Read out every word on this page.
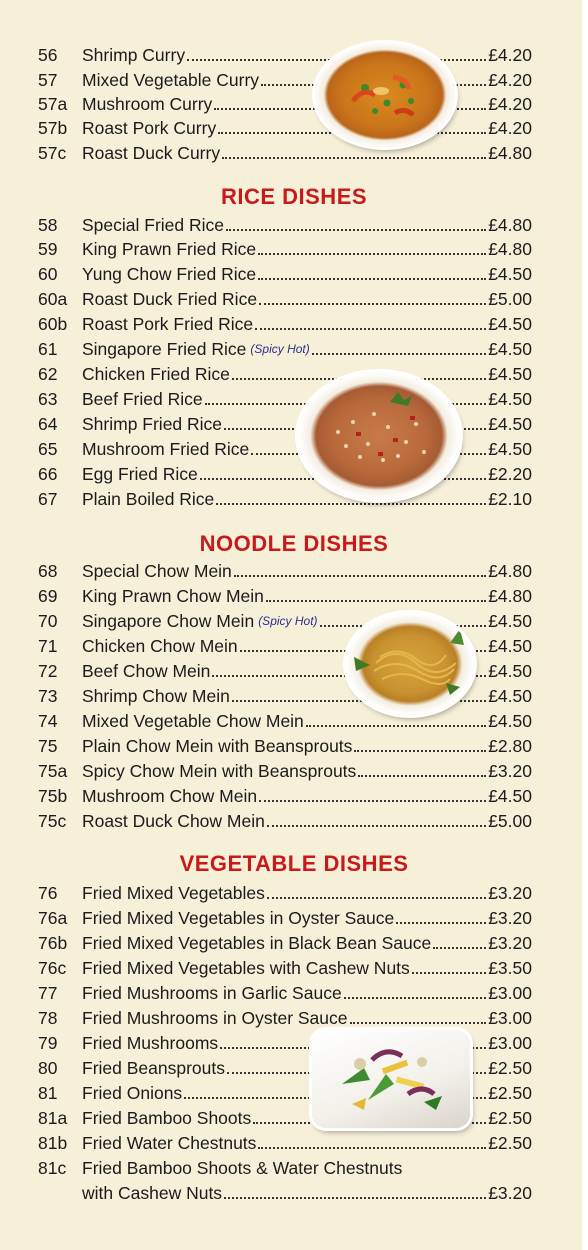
56	Shrimp Curry	£4.20
57	Mixed Vegetable Curry	£4.20
57a Mushroom Curry	£4.20
57b Roast Pork Curry	£4.20
57c Roast Duck Curry	£4.80
RICE DISHES
58	Special Fried Rice	£4.80
59	King Prawn Fried Rice	£4.80
60	Yung Chow Fried Rice	£4.50
60a Roast Duck Fried Rice	£5.00
60b Roast Pork Fried Rice	£4.50
61	Singapore Fried Rice (Spicy Hot)	£4.50
62	Chicken Fried Rice	£4.50
63	Beef Fried Rice	£4.50
64	Shrimp Fried Rice	£4.50
65	Mushroom Fried Rice	£4.50
66	Egg Fried Rice	£2.20
67	Plain Boiled Rice	£2.10
NOODLE DISHES
68	Special Chow Mein	£4.80
69	King Prawn Chow Mein	£4.80
70	Singapore Chow Mein (Spicy Hot)	£4.50
71	Chicken Chow Mein	£4.50
72	Beef Chow Mein	£4.50
73	Shrimp Chow Mein	£4.50
74	Mixed Vegetable Chow Mein	£4.50
75	Plain Chow Mein with Beansprouts	£2.80
75a Spicy Chow Mein with Beansprouts	£3.20
75b Mushroom Chow Mein	£4.50
75c Roast Duck Chow Mein	£5.00
VEGETABLE DISHES
76	Fried Mixed Vegetables	£3.20
76a Fried Mixed Vegetables in Oyster Sauce	£3.20
76b Fried Mixed Vegetables in Black Bean Sauce	£3.20
76c Fried Mixed Vegetables with Cashew Nuts	£3.50
77	Fried Mushrooms in Garlic Sauce	£3.00
78	Fried Mushrooms in Oyster Sauce	£3.00
79	Fried Mushrooms	£3.00
80	Fried Beansprouts	£2.50
81	Fried Onions	£2.50
81a Fried Bamboo Shoots	£2.50
81b Fried Water Chestnuts	£2.50
81c Fried Bamboo Shoots & Water Chestnuts
with Cashew Nuts	£3.20
